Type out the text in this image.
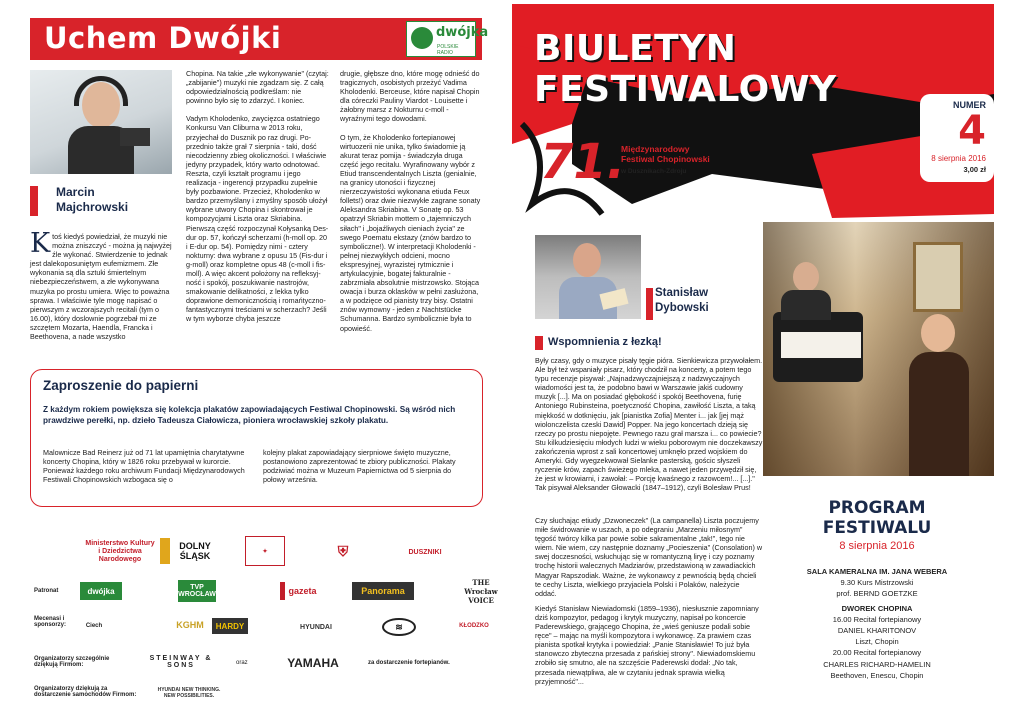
Uchem Dwójki	dwójka
POLSKIE RADIO
Marcin
Majchrowski
Ktoś kiedyś powiedział, że muzyki nie można zniszczyć - można ją najwyżej źle wykonać. Stwierdzenie to jednak jest dalekoposuniętym eufemizmem. Złe wykonania są dla sztuki śmiertelnym niebezpieczeństwem, a złe wykonywana muzyka po prostu umiera. Więc to poważna sprawa. I właściwie tyle mogę napisać o pierwszym z wczorajszych recitali (tym o 16.00), który doslownie pogrzebał mi ze szczętem Mozarta, Haendla, Francka i Beethovena, a nade wszystko

Chopina. Na takie „złe wykonywanie" (czytaj: „zabijanie") muzyki nie zgadzam się. Z całą odpowiedzialnością podkreślam: nie powinno było się to zdarzyć. I koniec.

Vadym Kholodenko, zwycięzca ostatniego Konkursu Van Cliburna w 2013 roku, przyjechał do Dusznik po raz drugi. Poprzednio także grał 7 sierpnia - taki, dość niecodzienny zbieg okoliczności. I właściwie jedyny przypadek, który warto odnotować. Reszta, czyli kształt programu i jego realizacja - ingerencji przypadku zupełnie były pozbawione. Przecież, Kholodenko w bardzo przemyślany i zmyślny sposób ułożył wybrane utwory Chopina i skontrował je kompozycjami Liszta oraz Skriabina. Pierwszą część rozpoczynał Kołysanką Des-dur op. 57, kończył scherzami (h-moll op. 20 i E-dur op. 54). Pomiędzy nimi - cztery nokturny: dwa wybrane z opusu 15 (Fis-dur i g-moll) oraz kompletne opus 48 (c-moll i fis-moll). A więc akcent położony na refleksyjność i spokój, poszukiwanie nastrojów, smakowanie delikatności, z lekka tylko doprawione demonicznością i romańtyczno-fantastycznymi treściami w scherzach? Jeśli w tym wyborze chyba jeszcze

drugie, głębsze dno, które mogę odnieść do tragicznych, osobistych przeżyć Vadima Kholodenki. Berceuse, które napisał Chopin dla córeczki Pauliny Viardot - Louisette i żałobny marsz z Nokturnu c-moll - wyraźnymi tego dowodami.

O tym, że Kholodenko fortepianowej wirtuozerii nie unika, tylko świadomie ją akurat teraz pomija - świadczyła druga część jego recitalu. Wyrafinowany wybór z Etiud transcendentalnych Liszta (genialnie, na granicy utoności i fizycznej nierzeczywistości wykonana etiuda Feux follets!) oraz dwie niezwykłe zagrane sonaty Aleksandra Skriabina. V Sonatę op. 53 opatrzył Skriabin mottem o „tajemniczych siłach" i „bojaźliwych cieniach życia" ze swego Poematu ekstazy (znów bardzo to symboliczne!). W interpretacji Kholodenki - pełnej niezwykłych odcieni, mocno ekspresyjnej, wyrazistej rytmicznie i artykulacyjnie, bogatej fakturalnie - zabrzmiała absolutnie mistrzowsko. Stojąca owacja i burza oklasków w pełni zasłużona, a w podzięce od pianisty trzy bisy. Ostatni znów wymowny - jeden z Nachtstücke Schumanna. Bardzo symbolicznie była to opowieść.

Zaproszenie do papierni
Z każdym rokiem powiększa się kolekcja plakatów zapowiadających Festiwal Chopinowski. Są wśród nich prawdziwe perełki, np. dzieło Tadeusza Ciałowicza, pioniera wrocławskiej szkoły plakatu.
Malownicze Bad Reinerz już od 71 lat upamiętnia charytatywne koncerty Chopina, który w 1826 roku przebywał w kurorcie. Ponieważ każdego roku archiwum Fundacji Międzynarodowych Festiwali Chopinowskich wzbogaca się o
kolejny plakat zapowiadający sierpniowe święto muzyczne, postanowiono zaprezentować te zbiory publiczności. Plakaty podziwiać można w Muzeum Papiernictwa od 5 sierpnia do połowy września.
Ministerstwo Kultury i Dziedzictwa Narodowego
DOLNY ŚLĄSK	✦	⛨	DUSZNIKI
Patronat	dwójka	TVP WROCŁAW	gazeta	Panorama
THE Wrocław VOICE
Mecenasi i sponsorzy:	Ciech	KGHM	HARDY	HYUNDAI	≋	KŁODZKO
Organizatorzy szczególnie dziękują Firmom:
STEINWAY & SONS	oraz	YAMAHA	za dostarczenie fortepianów.
Organizatorzy dziękują za dostarczenie samochodów Firmom:
HYUNDAI NEW THINKING. NEW POSSIBILITIES.
BIULETYN FESTIWALOWY	NUMER
4
8 sierpnia 2016
3,00 zł
71.
Międzynarodowy Festiwal Chopinowski
w Dusznikach-Zdroju
www.festival.pl
Stanisław
Dybowski
Wspomnienia z łezką!

Były czasy, gdy o muzyce pisały tęgie pióra. Sienkiewicza przywołałem. Ale był też wspaniały pisarz, który chodził na koncerty, a potem tego typu recenzje pisywał: „Najnadzwyczajniejszą z nadzwyczajnych wiadomości jest ta, że podobno bawi w Warszawie jakiś cudowny muzyk [...]. Ma on posiadać głębokość i spokój Beethovena, furię Antoniego Rubinsteina, poetyczność Chopina, zawiłość Liszta, a taką miękkość w dotknięciu, jak [pianistka Zofia] Menter i... jak [jej mąż wiolonczelista czeski Dawid] Popper. Na jego koncertach dzieją się rzeczy po prostu niepojęte. Pewnego razu grał marsza i... co powiecie? Stu kilkudziesięciu młodych ludzi w wieku poborowym nie doczekawszy zakończenia wprost z sali koncertowej umknęło przed wojskiem do Ameryki. Gdy wyegzekwował Sielanke pasterską, gościc słyszeli ryczenie krów, zapach świeżego mleka, a nawet jeden przywędził się, że jest w krowiarni, i zawołał: – Porcję kwaśnego z razowcem!... [...]." Tak pisywał Aleksander Głowacki (1847–1912), czyli Bolesław Prus!

Czy słuchając etiudy „Dzwoneczek" (La campanella) Liszta poczujemy miłe świdrowanie w uszach, a po odegraniu „Marzeniu miłosnym" tęgość twórcy kilka par powie sobie sakramentalne „tak!", tego nie wiem. Nie wiem, czy następnie doznamy „Pocieszenia" (Consolation) w swej doczesności, wsłuchując się w romantyczną liryę i czy poznamy trochę historii walecznych Madziarów, przedstawioną w zawadiackich Magyar Rapszodiak. Ważne, że wykonawcy z pewnością będą chcieli te cechy Liszta, wielkiego przyjaciela Polski i Polaków, należycie oddać.

Kiedyś Stanisław Niewiadomski (1859–1936), niesłusznie zapomniany dziś kompozytor, pedagog i krytyk muzyczny, napisał po koncercie Paderewskiego, grającego Chopina, że „wieś geniusze podali sobie ręce" – mając na myśli kompozytora i wykonawcę. Za prawiem czas pianista spotkał krytyka i powiedział: „Panie Stanisławie! To już była stanowczo zbyteczna przesada z pańskiej strony". Niewiadomskiemu zrobiło się smutno, ale na szczęście Paderewski dodał: „No tak, przesada niewątpliwa, ale w czytaniu jednak sprawia wielką przyjemność"...

PROGRAM FESTIWALU
8 sierpnia 2016
SALA KAMERALNA IM. JANA WEBERA
9.30 Kurs Mistrzowski
prof. BERND GOETZKE
DWOREK CHOPINA
16.00 Recital fortepianowy
DANIEL KHARITONOV
Liszt, Chopin
20.00 Recital fortepianowy
CHARLES RICHARD-HAMELIN
Beethoven, Enescu, Chopin
